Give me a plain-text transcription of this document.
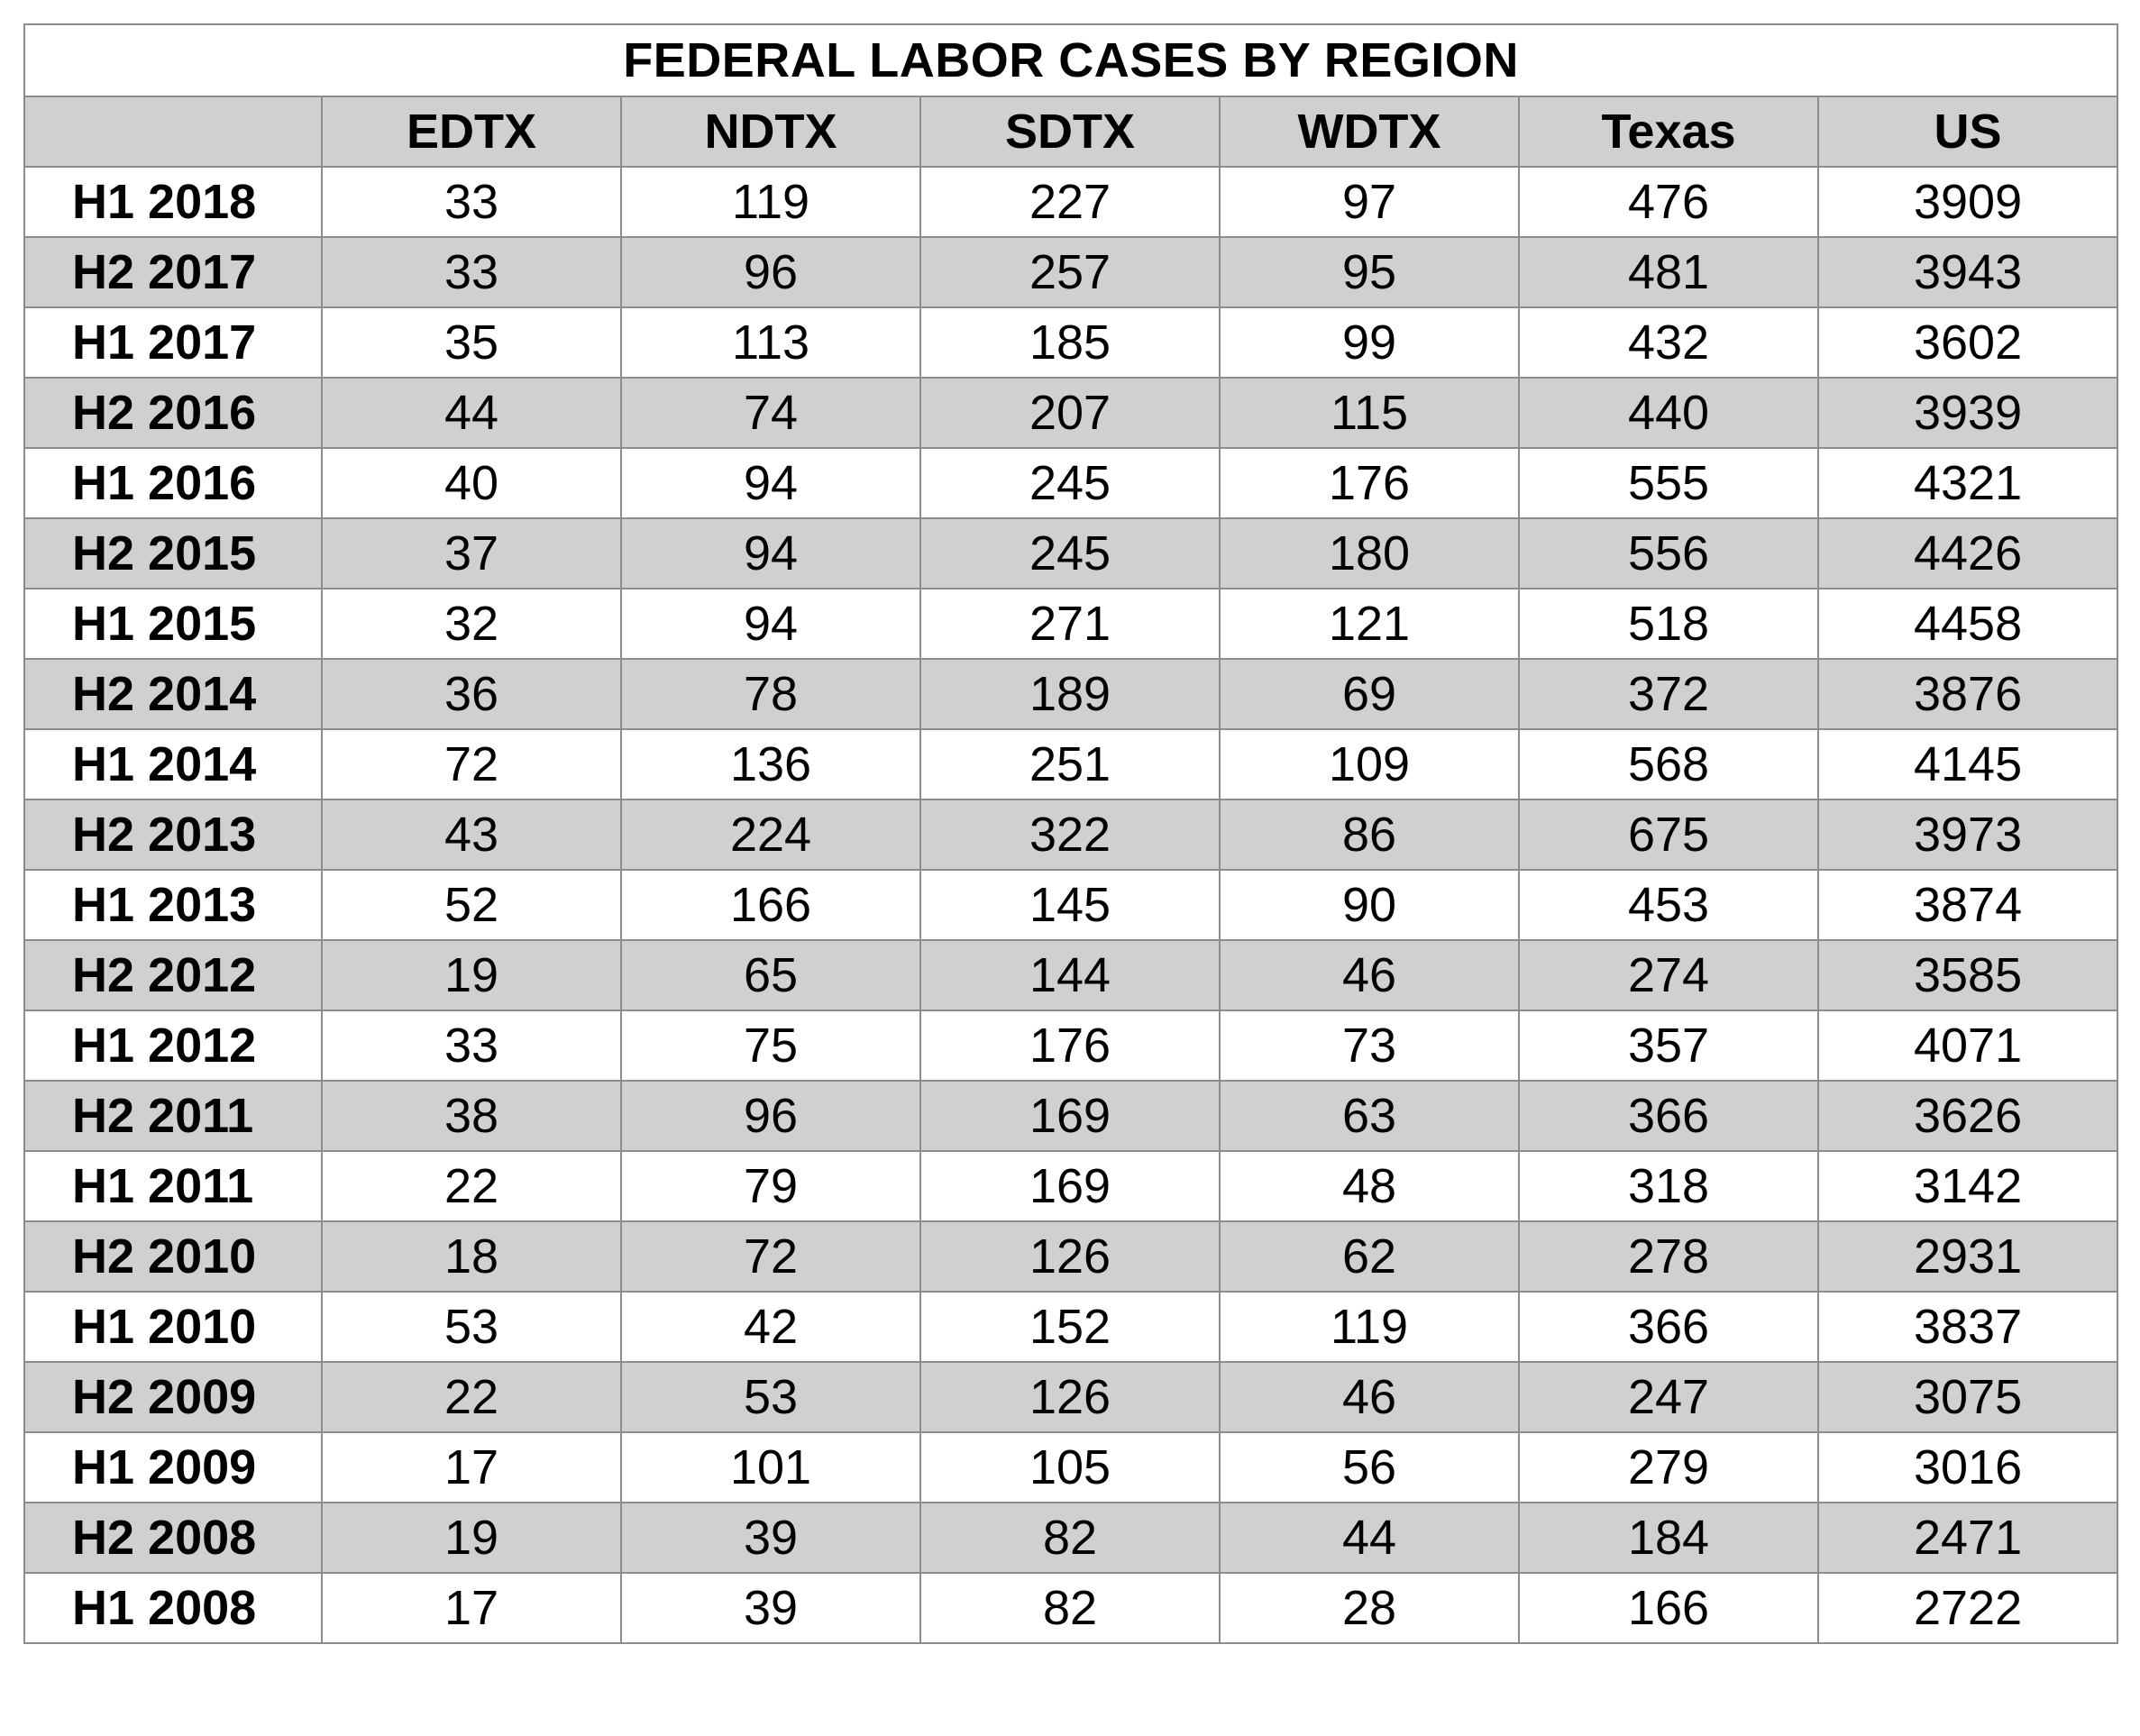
FEDERAL LABOR CASES BY REGION						
	EDTX	NDTX	SDTX	WDTX	Texas	US
H1 2018	33	119	227	97	476	3909
H2 2017	33	96	257	95	481	3943
H1 2017	35	113	185	99	432	3602
H2 2016	44	74	207	115	440	3939
H1 2016	40	94	245	176	555	4321
H2 2015	37	94	245	180	556	4426
H1 2015	32	94	271	121	518	4458
H2 2014	36	78	189	69	372	3876
H1 2014	72	136	251	109	568	4145
H2 2013	43	224	322	86	675	3973
H1 2013	52	166	145	90	453	3874
H2 2012	19	65	144	46	274	3585
H1 2012	33	75	176	73	357	4071
H2 2011	38	96	169	63	366	3626
H1 2011	22	79	169	48	318	3142
H2 2010	18	72	126	62	278	2931
H1 2010	53	42	152	119	366	3837
H2 2009	22	53	126	46	247	3075
H1 2009	17	101	105	56	279	3016
H2 2008	19	39	82	44	184	2471
H1 2008	17	39	82	28	166	2722
